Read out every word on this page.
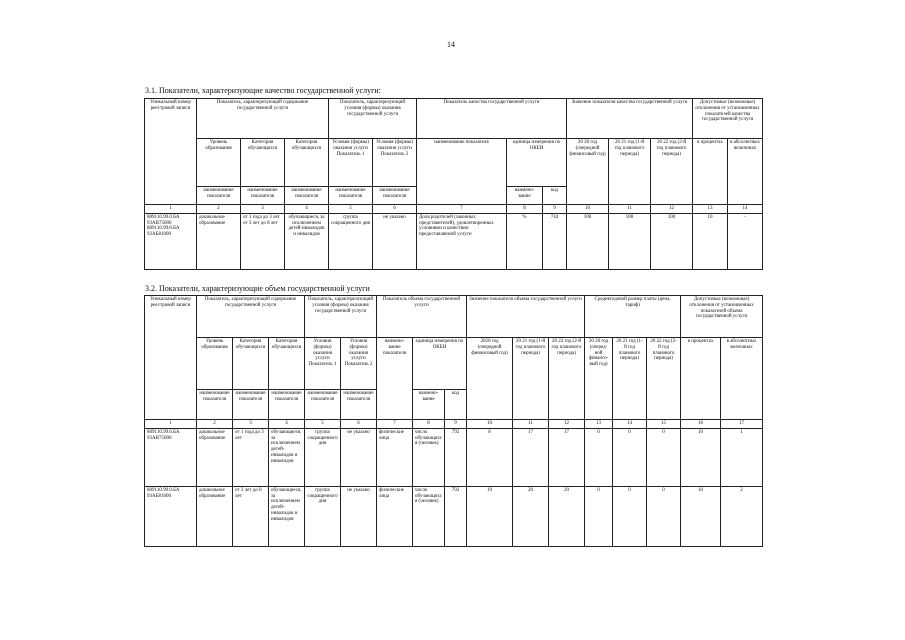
14
3.1. Показатели, характеризующие качество государственной услуги:
Уникальный номер реестровой записи	Показатель, характеризующий содержание государственной услуги			Показатель, характеризующий условия (формы) оказания государственной услуги		Показатель качества государственной услуги			Значение показателя качества государственной услуги			Допустимые (возможные) отклонения от установленных показателей качества государственной услуги	
	Уровень образования	Категория обучающихся	Категория обучающихся	Условия (формы) оказания услуги Показатель 1	Условия (формы) оказания услуги Показатель 2	наименование показателя	единица измерения по ОКЕИ		20 20 год (очередной финансовый год)	20 21 год (1-й год планового периода)	20 22 год (2-й год планового периода)	в процентах	в абсолютных величинах
	наименование показателя	наименование показателя	наименование показателя	наименование показателя	наименование показателя		наимено-вание	код					
1	2	3	4	5	6	7	8	9	10	11	12	13	14
889110.99.0.БА 93АВ75000 889110.99.0.БА 93АБ81000	дошкольное образование	от 1 года до 3 лет от 3 лет до 8 лет	обучающиеся, за исключением детей-инвалидов и инвалидов	группа сокращенного дня	не указано	Доля родителей (законных представителей), удовлетворенных условиями и качеством предоставляемой услуги	%	744	100	100	100	10	-
3.2. Показатели, характеризующие объем государственной услуги
Уникальный номер реестровой записи	Показатель, характеризующий содержание государственной услуги			Показатель, характеризующий условия (формы) оказания государственной услуги		Показатель объема государственной услуги			Значение показателя объема государственной услуги			Среднегодовой размер платы (цена, тариф)			Допустимые (возможные) отклонения от установленных показателей объема государственной услуги	
	Уровень образования	Категория обучающихся	Категория обучающихся	Условия (формы) оказания услуги Показатель 1	Условия (формы) оказания услуги Показатель 2	наимено-вание показателя	единица измерения по ОКЕИ		2020 год (очередной финансовый год)	20 21 год (1-й год планового периода)	20 22 год (2-й год планового периода)	20 20 год (очеред-ной финансо-вый год)	20 21 год (1-й год планового периода)	20 22 год (2-й год планового периода)	в процентах	в абсолютных величинах
	наименование показателя	наименование показателя	наименование показателя	наименование показателя	наименование показателя		наимено-вание	код								
1	2	3	4	5	6	7	8	9	10	11	12	13	14	15	16	17
889110.99.0.БА 93АВ75000	дошкольное образование	от 1 года до 3 лет	обучающиеся, за исключением детей-инвалидов и инвалидов	группа сокращенного дня	не указано	физические лица	число обучающихся (человек)	792	8	17	17	0	0	0	10	1
889110.99.0.БА 93АБ81000	дошкольное образование	от 3 лет до 8 лет	обучающиеся, за исключением детей-инвалидов и инвалидов	группа сокращенного дня	не указано	физические лица	число обучающихся (человек)	792	19	20	20	0	0	0	10	2
